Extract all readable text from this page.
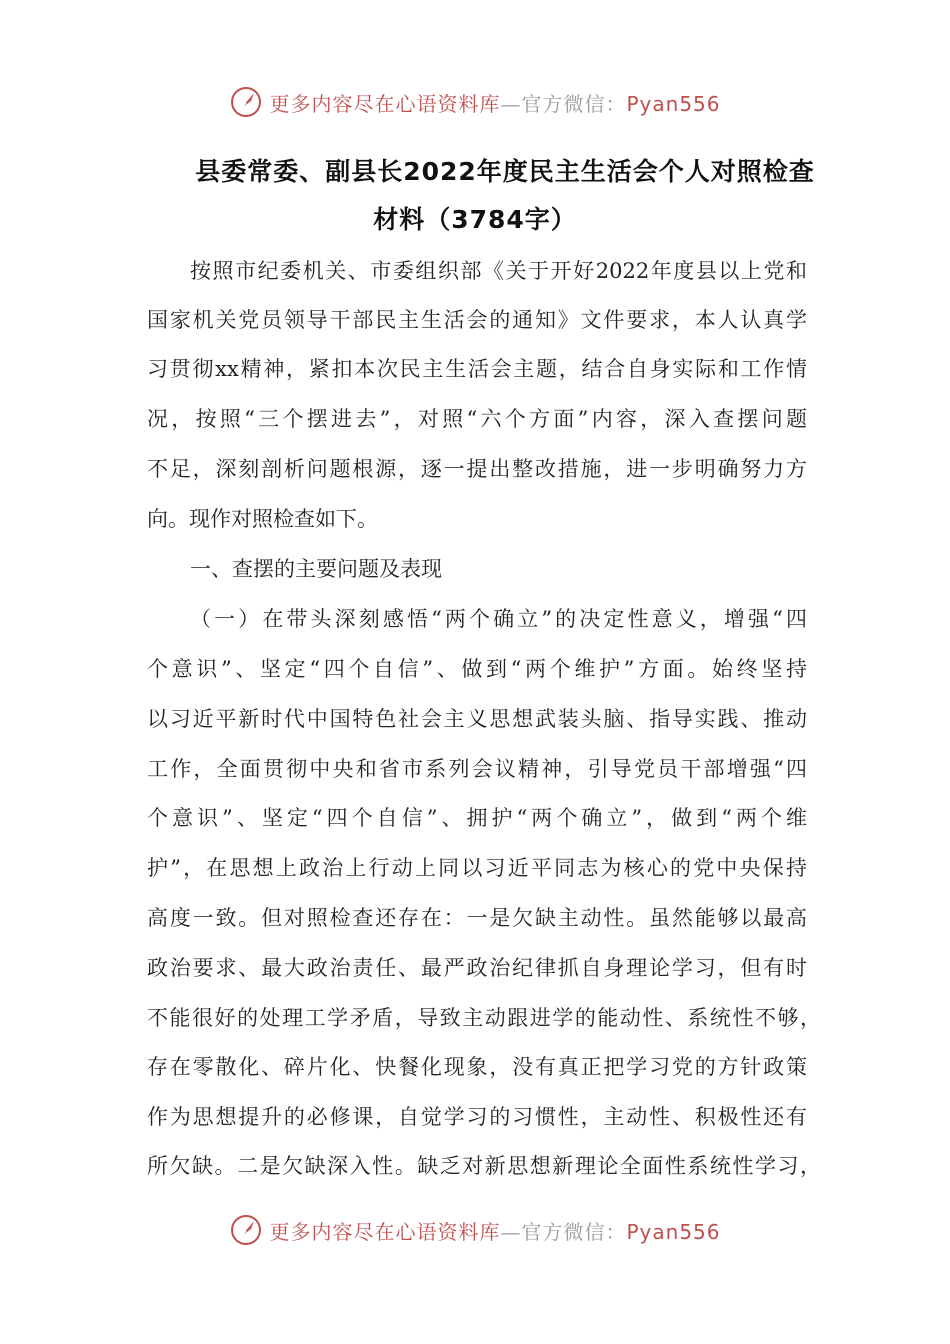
更多内容尽在心语资料库—官方微信：Pyan556
县委常委、副县长2022年度民主生活会个人对照检查
材料（3784字）
按照市纪委机关、市委组织部《关于开好2022年度县以上党和
国家机关党员领导干部民主生活会的通知》文件要求，本人认真学
习贯彻xx精神，紧扣本次民主生活会主题，结合自身实际和工作情
况，按照“三个摆进去”，对照“六个方面”内容，深入查摆问题
不足，深刻剖析问题根源，逐一提出整改措施，进一步明确努力方
向。现作对照检查如下。
一、查摆的主要问题及表现
（一）在带头深刻感悟“两个确立”的决定性意义，增强“四
个意识”、坚定“四个自信”、做到“两个维护”方面。始终坚持
以习近平新时代中国特色社会主义思想武装头脑、指导实践、推动
工作，全面贯彻中央和省市系列会议精神，引导党员干部增强“四
个意识”、坚定“四个自信”、拥护“两个确立”，做到“两个维
护”，在思想上政治上行动上同以习近平同志为核心的党中央保持
高度一致。但对照检查还存在：一是欠缺主动性。虽然能够以最高
政治要求、最大政治责任、最严政治纪律抓自身理论学习，但有时
不能很好的处理工学矛盾，导致主动跟进学的能动性、系统性不够，
存在零散化、碎片化、快餐化现象，没有真正把学习党的方针政策
作为思想提升的必修课，自觉学习的习惯性，主动性、积极性还有
所欠缺。二是欠缺深入性。缺乏对新思想新理论全面性系统性学习，
更多内容尽在心语资料库—官方微信：Pyan556
